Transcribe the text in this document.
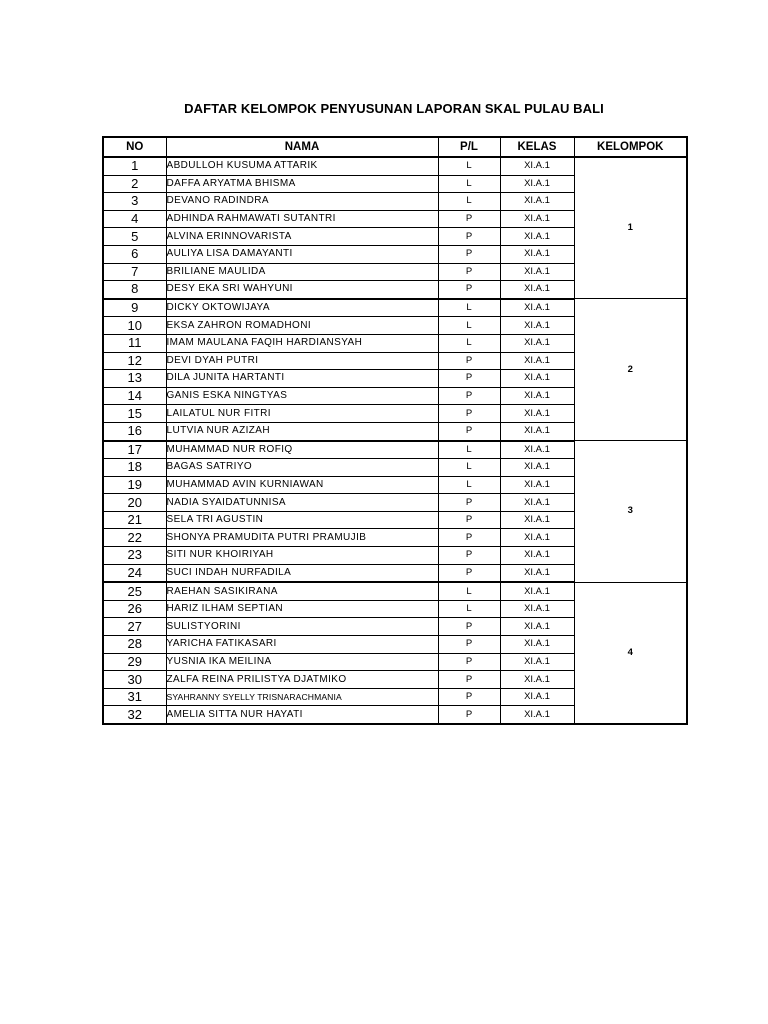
DAFTAR KELOMPOK PENYUSUNAN LAPORAN SKAL PULAU BALI
NO	NAMA	P/L	KELAS	KELOMPOK
1	ABDULLOH KUSUMA ATTARIK	L	XI.A.1	1
2	DAFFA ARYATMA BHISMA	L	XI.A.1	
3	DEVANO RADINDRA	L	XI.A.1	
4	ADHINDA RAHMAWATI SUTANTRI	P	XI.A.1	
5	ALVINA ERINNOVARISTA	P	XI.A.1	
6	AULIYA LISA DAMAYANTI	P	XI.A.1	
7	BRILIANE MAULIDA	P	XI.A.1	
8	DESY EKA SRI WAHYUNI	P	XI.A.1	
9	DICKY OKTOWIJAYA	L	XI.A.1	2
10	EKSA ZAHRON ROMADHONI	L	XI.A.1	
11	IMAM MAULANA FAQIH HARDIANSYAH	L	XI.A.1	
12	DEVI DYAH PUTRI	P	XI.A.1	
13	DILA JUNITA HARTANTI	P	XI.A.1	
14	GANIS ESKA NINGTYAS	P	XI.A.1	
15	LAILATUL NUR FITRI	P	XI.A.1	
16	LUTVIA NUR AZIZAH	P	XI.A.1	
17	MUHAMMAD NUR ROFIQ	L	XI.A.1	3
18	BAGAS SATRIYO	L	XI.A.1	
19	MUHAMMAD AVIN KURNIAWAN	L	XI.A.1	
20	NADIA SYAIDATUNNISA	P	XI.A.1	
21	SELA TRI AGUSTIN	P	XI.A.1	
22	SHONYA PRAMUDITA PUTRI PRAMUJIB	P	XI.A.1	
23	SITI NUR KHOIRIYAH	P	XI.A.1	
24	SUCI INDAH NURFADILA	P	XI.A.1	
25	RAEHAN SASIKIRANA	L	XI.A.1	4
26	HARIZ ILHAM SEPTIAN	L	XI.A.1	
27	SULISTYORINI	P	XI.A.1	
28	YARICHA FATIKASARI	P	XI.A.1	
29	YUSNIA IKA MEILINA	P	XI.A.1	
30	ZALFA REINA PRILISTYA DJATMIKO	P	XI.A.1	
31	SYAHRANNY SYELLY TRISNARACHMANIA	P	XI.A.1	
32	AMELIA SITTA NUR HAYATI	P	XI.A.1	
